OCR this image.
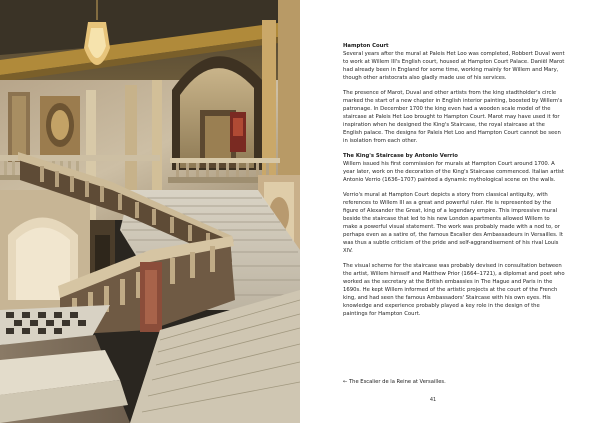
Hampton Court

Several years after the mural at Paleis Het Loo was completed, Robbert Duval went to work at Willem III's English court, housed at Hampton Court Palace. Daniël Marot had already been in England for some time, working mainly for Willem and Mary, though other aristocrats also gladly made use of his services.

The presence of Marot, Duval and other artists from the king stadtholder's circle marked the start of a new chapter in English interior painting, boosted by Willem's patronage. In December 1700 the king even had a wooden scale model of the staircase at Paleis Het Loo brought to Hampton Court. Marot may have used it for inspiration when he designed the King's Staircase, the royal staircase at the English palace. The designs for Paleis Het Loo and Hampton Court cannot be seen in isolation from each other.

The King's Staircase by Antonio Verrio

Willem issued his first commission for murals at Hampton Court around 1700. A year later, work on the decoration of the King's Staircase commenced. Italian artist Antonio Verrio (1636–1707) painted a dynamic mythological scene on the walls.

Verrio's mural at Hampton Court depicts a story from classical antiquity, with references to Willem III as a great and powerful ruler. He is represented by the figure of Alexander the Great, king of a legendary empire. This impressive mural beside the staircase that led to his new London apartments allowed Willem to make a powerful visual statement. The work was probably made with a nod to, or perhaps even as a satire of, the famous Escalier des Ambassadeurs in Versailles. It was thus a subtle criticism of the pride and self-aggrandisement of his rival Louis XIV.

The visual scheme for the staircase was probably devised in consultation between the artist, Willem himself and Matthew Prior (1664–1721), a diplomat and poet who worked as the secretary at the British embassies in The Hague and Paris in the 1690s. He kept Willem informed of the artistic projects at the court of the French king, and had seen the famous Ambassadors' Staircase with his own eyes. His knowledge and experience probably played a key role in the design of the paintings for Hampton Court.

← The Escalier de la Reine at Versailles.
41
